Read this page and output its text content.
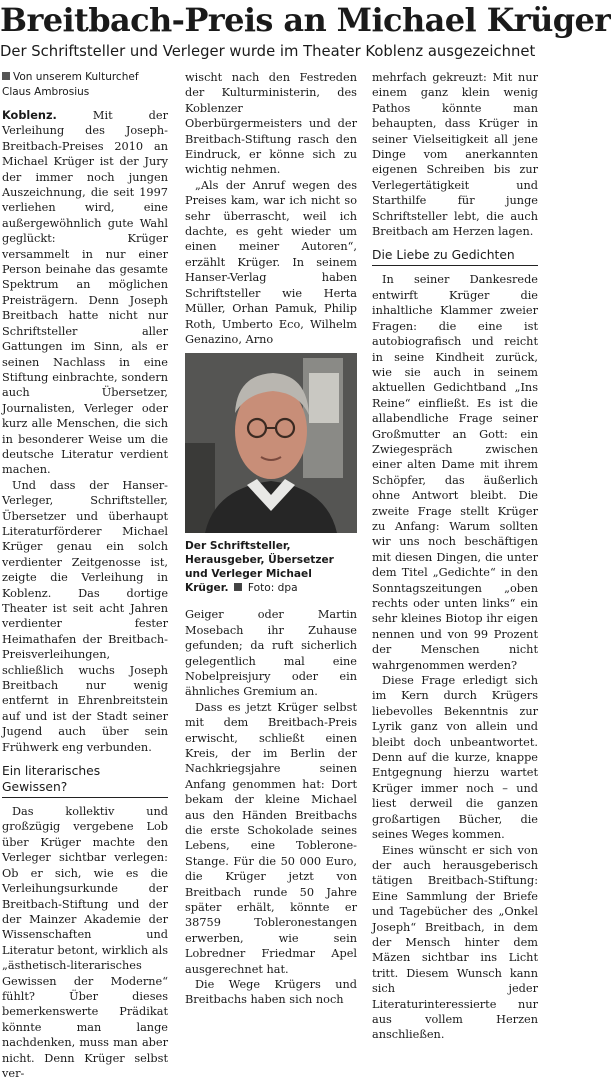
Breitbach-Preis an Michael Krüger
Der Schriftsteller und Verleger wurde im Theater Koblenz ausgezeichnet
Von unserem Kulturchef
Claus Ambrosius

Koblenz.	Mit der Verleihung des Joseph-Breitbach-Preises 2010 an Michael Krüger ist der Jury der immer noch jungen Auszeichnung, die seit 1997 verliehen wird, eine außergewöhnlich gute Wahl geglückt: Krüger versammelt in nur einer Person beinahe das gesamte Spektrum an möglichen Preisträgern. Denn Joseph Breitbach hatte nicht nur Schriftsteller aller Gattungen im Sinn, als er seinen Nachlass in eine Stiftung einbrachte, sondern auch Übersetzer, Journalisten, Verleger oder kurz alle Menschen, die sich in besonderer Weise um die deutsche Literatur verdient machen.

Und dass der Hanser-Verleger, Schriftsteller, Übersetzer und überhaupt Literaturförderer Michael Krüger genau ein solch verdienter Zeitgenosse ist, zeigte die Verleihung in Koblenz. Das dortige Theater ist seit acht Jahren verdienter fester Heimathafen der Breitbach-Preisverleihungen, schließlich wuchs Joseph Breitbach nur wenig entfernt in Ehrenbreitstein auf und ist der Stadt seiner Jugend auch über sein Frühwerk eng verbunden.

Ein literarisches Gewissen?

Das kollektiv und großzügig vergebene Lob über Krüger machte den Verleger sichtbar verlegen: Ob er sich, wie es die Verleihungsurkunde der Breitbach-Stiftung und der der Mainzer Akademie der Wissenschaften und Literatur betont, wirklich als „ästhetisch-literarisches Gewissen der Moderne“ fühlt? Über dieses bemerkenswerte Prädikat könnte man lange nachdenken, muss man aber nicht. Denn Krüger selbst ver-

wischt nach den Festreden der Kulturministerin, des Koblenzer Oberbürgermeisters und der Breitbach-Stiftung rasch den Eindruck, er könne sich zu wichtig nehmen.

„Als der Anruf wegen des Preises kam, war ich nicht so sehr überrascht, weil ich dachte, es geht wieder um einen meiner Autoren“, erzählt Krüger. In seinem Hanser-Verlag haben Schriftsteller wie Herta Müller, Orhan Pamuk, Philip Roth, Umberto Eco, Wilhelm Genazino, Arno

Der Schriftsteller, Herausgeber, Übersetzer und Verleger Michael Krüger. Foto: dpa

Geiger oder Martin Mosebach ihr Zuhause gefunden; da ruft sicherlich gelegentlich mal eine Nobelpreisjury oder ein ähnliches Gremium an.

Dass es jetzt Krüger selbst mit dem Breitbach-Preis erwischt, schließt einen Kreis, der im Berlin der Nachkriegsjahre seinen Anfang genommen hat: Dort bekam der kleine Michael aus den Händen Breitbachs die erste Schokolade seines Lebens, eine Toblerone-Stange. Für die 50 000 Euro, die Krüger jetzt von Breitbach runde 50 Jahre später erhält, könnte er 38759 Tobleronestangen erwerben, wie sein Lobredner Friedmar Apel ausgerechnet hat.

Die Wege Krügers und Breitbachs haben sich noch

mehrfach gekreuzt: Mit nur einem ganz klein wenig Pathos könnte man behaupten, dass Krüger in seiner Vielseitigkeit all jene Dinge vom anerkannten eigenen Schreiben bis zur Verlegertätigkeit und Starthilfe für junge Schriftsteller lebt, die auch Breitbach am Herzen lagen.

Die Liebe zu Gedichten

In seiner Dankesrede entwirft Krüger die inhaltliche Klammer zweier Fragen: die eine ist autobiografisch und reicht in seine Kindheit zurück, wie sie auch in seinem aktuellen Gedichtband „Ins Reine“ einfließt. Es ist die allabendliche Frage seiner Großmutter an Gott: ein Zwiegespräch zwischen einer alten Dame mit ihrem Schöpfer, das äußerlich ohne Antwort bleibt. Die zweite Frage stellt Krüger zu Anfang: Warum sollten wir uns noch beschäftigen mit diesen Dingen, die unter dem Titel „Gedichte“ in den Sonntagszeitungen „oben rechts oder unten links“ ein sehr kleines Biotop ihr eigen nennen und von 99 Prozent der Menschen nicht wahrgenommen werden?

Diese Frage erledigt sich im Kern durch Krügers liebevolles Bekenntnis zur Lyrik ganz von allein und bleibt doch unbeantwortet. Denn auf die kurze, knappe Entgegnung hierzu wartet Krüger immer noch – und liest derweil die ganzen großartigen Bücher, die seines Weges kommen.

Eines wünscht er sich von der auch herausgeberisch tätigen Breitbach-Stiftung: Eine Sammlung der Briefe und Tagebücher des „Onkel Joseph“ Breitbach, in dem der Mensch hinter dem Mäzen sichtbar ins Licht tritt. Diesem Wunsch kann sich jeder Literaturinteressierte nur aus vollem Herzen anschließen.
